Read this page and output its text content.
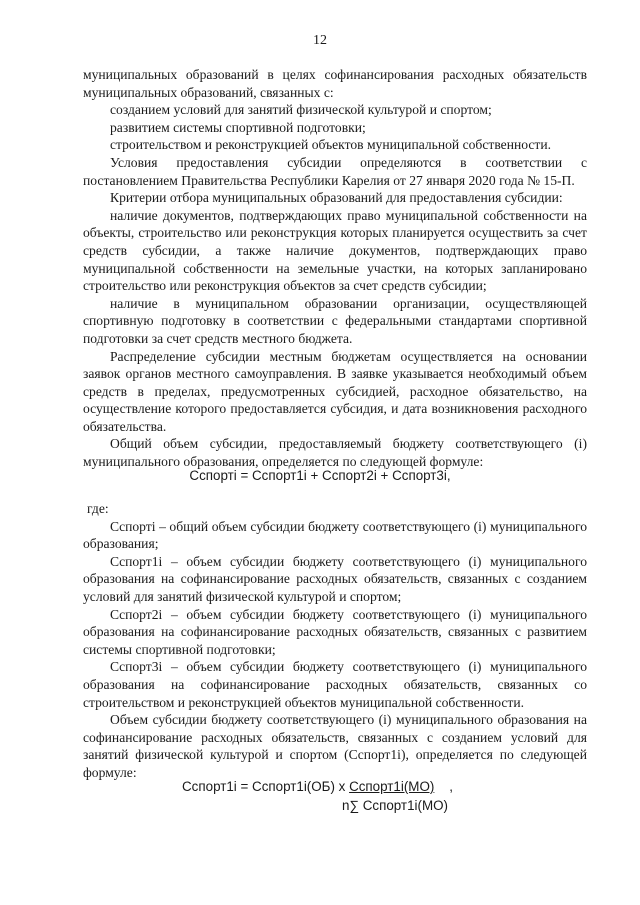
12

муниципальных образований в целях софинансирования расходных обязательств муниципальных образований, связанных с:

созданием условий для занятий физической культурой и спортом;

развитием системы спортивной подготовки;

строительством и реконструкцией объектов муниципальной собственности.

Условия предоставления субсидии определяются в соответствии с постановлением Правительства Республики Карелия от 27 января 2020 года № 15-П.

Критерии отбора муниципальных образований для предоставления субсидии:

наличие документов, подтверждающих право муниципальной собственности на объекты, строительство или реконструкция которых планируется осуществить за счет средств субсидии, а также наличие документов, подтверждающих право муниципальной собственности на земельные участки, на которых запланировано строительство или реконструкция объектов за счет средств субсидии;

наличие в муниципальном образовании организации, осуществляющей спортивную подготовку в соответствии с федеральными стандартами спортивной подготовки за счет средств местного бюджета.

Распределение субсидии местным бюджетам осуществляется на основании заявок органов местного самоуправления. В заявке указывается необходимый объем средств в пределах, предусмотренных субсидией, расходное обязательство, на осуществление которого предоставляется субсидия, и дата возникновения расходного обязательства.

Общий объем субсидии, предоставляемый бюджету соответствующего (i) муниципального образования, определяется по следующей формуле:

Cспортi = Cспорт1i + Cспорт2i + Cспорт3i,

где:

Cспортi – общий объем субсидии бюджету соответствующего (i) муниципального образования;

Cспорт1i – объем субсидии бюджету соответствующего (i) муниципального образования на софинансирование расходных обязательств, связанных с созданием условий для занятий физической культурой и спортом;

Cспорт2i – объем субсидии бюджету соответствующего (i) муниципального образования на софинансирование расходных обязательств, связанных с развитием системы спортивной подготовки;

Cспорт3i – объем субсидии бюджету соответствующего (i) муниципального образования на софинансирование расходных обязательств, связанных со строительством и реконструкцией объектов муниципальной собственности.

Объем субсидии бюджету соответствующего (i) муниципального образования на софинансирование расходных обязательств, связанных с созданием условий для занятий физической культурой и спортом (Cспорт1i), определяется по следующей формуле:

Cспорт1i = Cспорт1i(ОБ) x Cспорт1i(МО)    ,
n∑ Cспорт1i(МО)
